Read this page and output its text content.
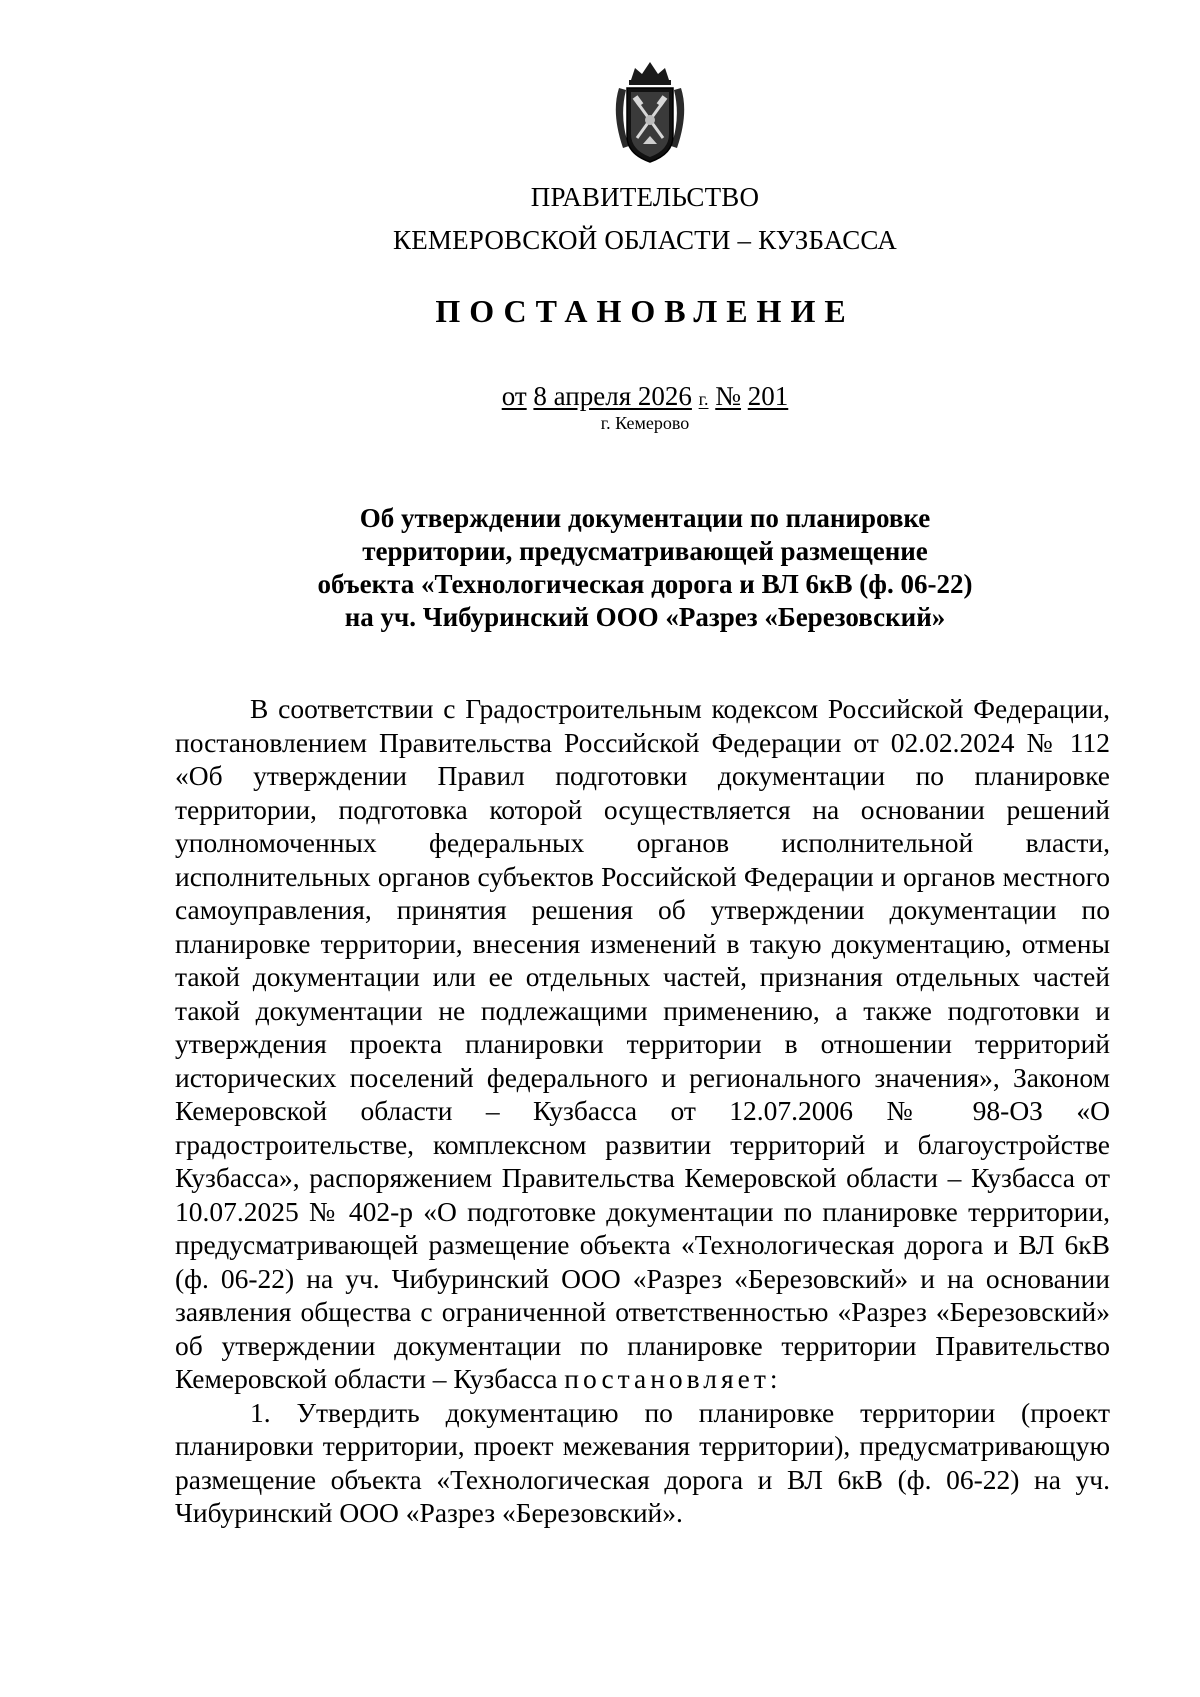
ПРАВИТЕЛЬСТВО
КЕМЕРОВСКОЙ ОБЛАСТИ – КУЗБАССА
ПОСТАНОВЛЕНИЕ
от 8 апреля 2026 г. № 201
г. Кемерово
Об утверждении документации по планировке
территории, предусматривающей размещение
объекта «Технологическая дорога и ВЛ 6кВ (ф. 06-22)
на уч. Чибуринский ООО «Разрез «Березовский»

В соответствии с Градостроительным кодексом Российской Федерации, постановлением Правительства Российской Федерации от 02.02.2024 № 112 «Об утверждении Правил подготовки документации по планировке территории, подготовка которой осуществляется на основании решений уполномоченных федеральных органов исполнительной власти, исполнительных органов субъектов Российской Федерации и органов местного самоуправления, принятия решения об утверждении документации по планировке территории, внесения изменений в такую документацию, отмены такой документации или ее отдельных частей, признания отдельных частей такой документации не подлежащими применению, а также подготовки и утверждения проекта планировки территории в отношении территорий исторических поселений федерального и регионального значения», Законом Кемеровской области – Кузбасса от 12.07.2006 № 98-ОЗ «О градостроительстве, комплексном развитии территорий и благоустройстве Кузбасса», распоряжением Правительства Кемеровской области – Кузбасса от 10.07.2025 № 402-р «О подготовке документации по планировке территории, предусматривающей размещение объекта «Технологическая дорога и ВЛ 6кВ (ф. 06-22) на уч. Чибуринский ООО «Разрез «Березовский» и на основании заявления общества с ограниченной ответственностью «Разрез «Березовский» об утверждении документации по планировке территории Правительство Кемеровской области – Кузбасса постановляет:

1. Утвердить документацию по планировке территории (проект планировки территории, проект межевания территории), предусматривающую размещение объекта «Технологическая дорога и ВЛ 6кВ (ф. 06-22) на уч. Чибуринский ООО «Разрез «Березовский».
